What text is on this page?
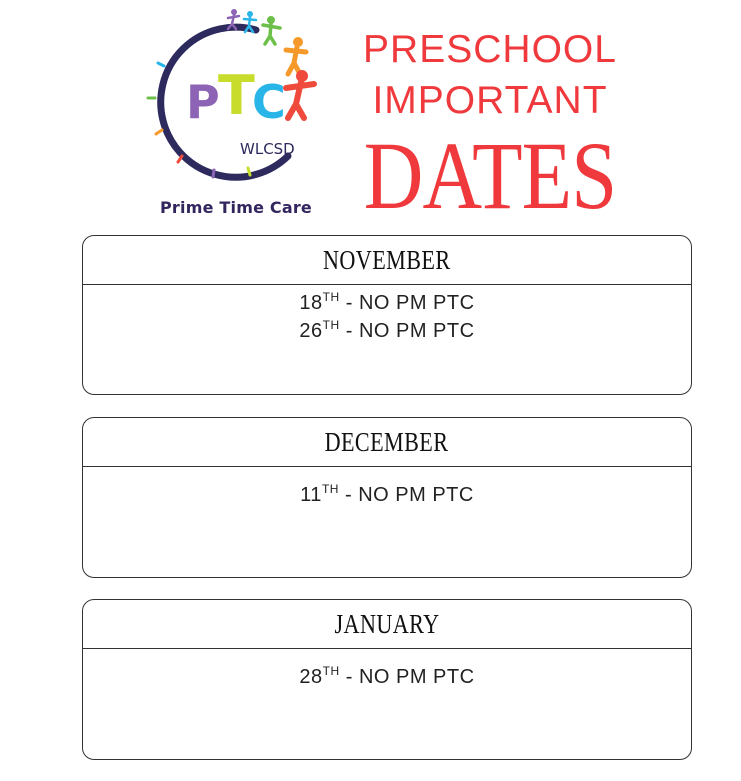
P
T
C
WLCSD
Prime Time Care
PRESCHOOL
IMPORTANT
DATES
NOVEMBER
18TH - NO PM PTC
26TH - NO PM PTC
DECEMBER
11TH - NO PM PTC
JANUARY
28TH - NO PM PTC
